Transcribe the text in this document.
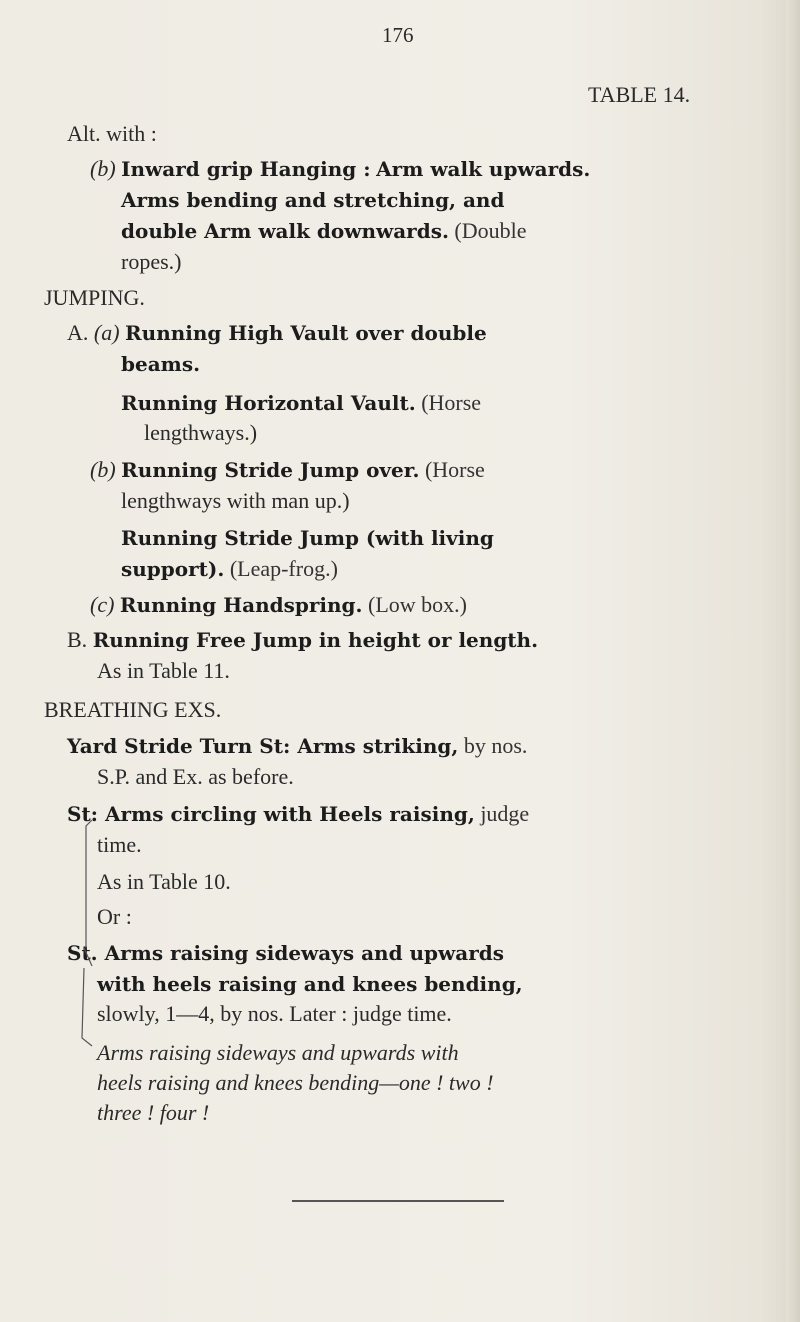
176
TABLE 14.
Alt. with :
(b) Inward grip Hanging : Arm walk upwards.
Arms bending and stretching, and
double Arm walk downwards. (Double
ropes.)
JUMPING.
A. (a) Running High Vault over double
beams.
Running Horizontal Vault. (Horse
lengthways.)
(b) Running Stride Jump over. (Horse
lengthways with man up.)
Running Stride Jump (with living
support). (Leap-frog.)
(c) Running Handspring. (Low box.)
B. Running Free Jump in height or length.
As in Table 11.
BREATHING EXS.
Yard Stride Turn St: Arms striking, by nos.
S.P. and Ex. as before.
St: Arms circling with Heels raising, judge
time.
As in Table 10.
Or :
St. Arms raising sideways and upwards
with heels raising and knees bending,
slowly, 1—4, by nos. Later : judge time.
Arms raising sideways and upwards with
heels raising and knees bending—one ! two !
three ! four !
